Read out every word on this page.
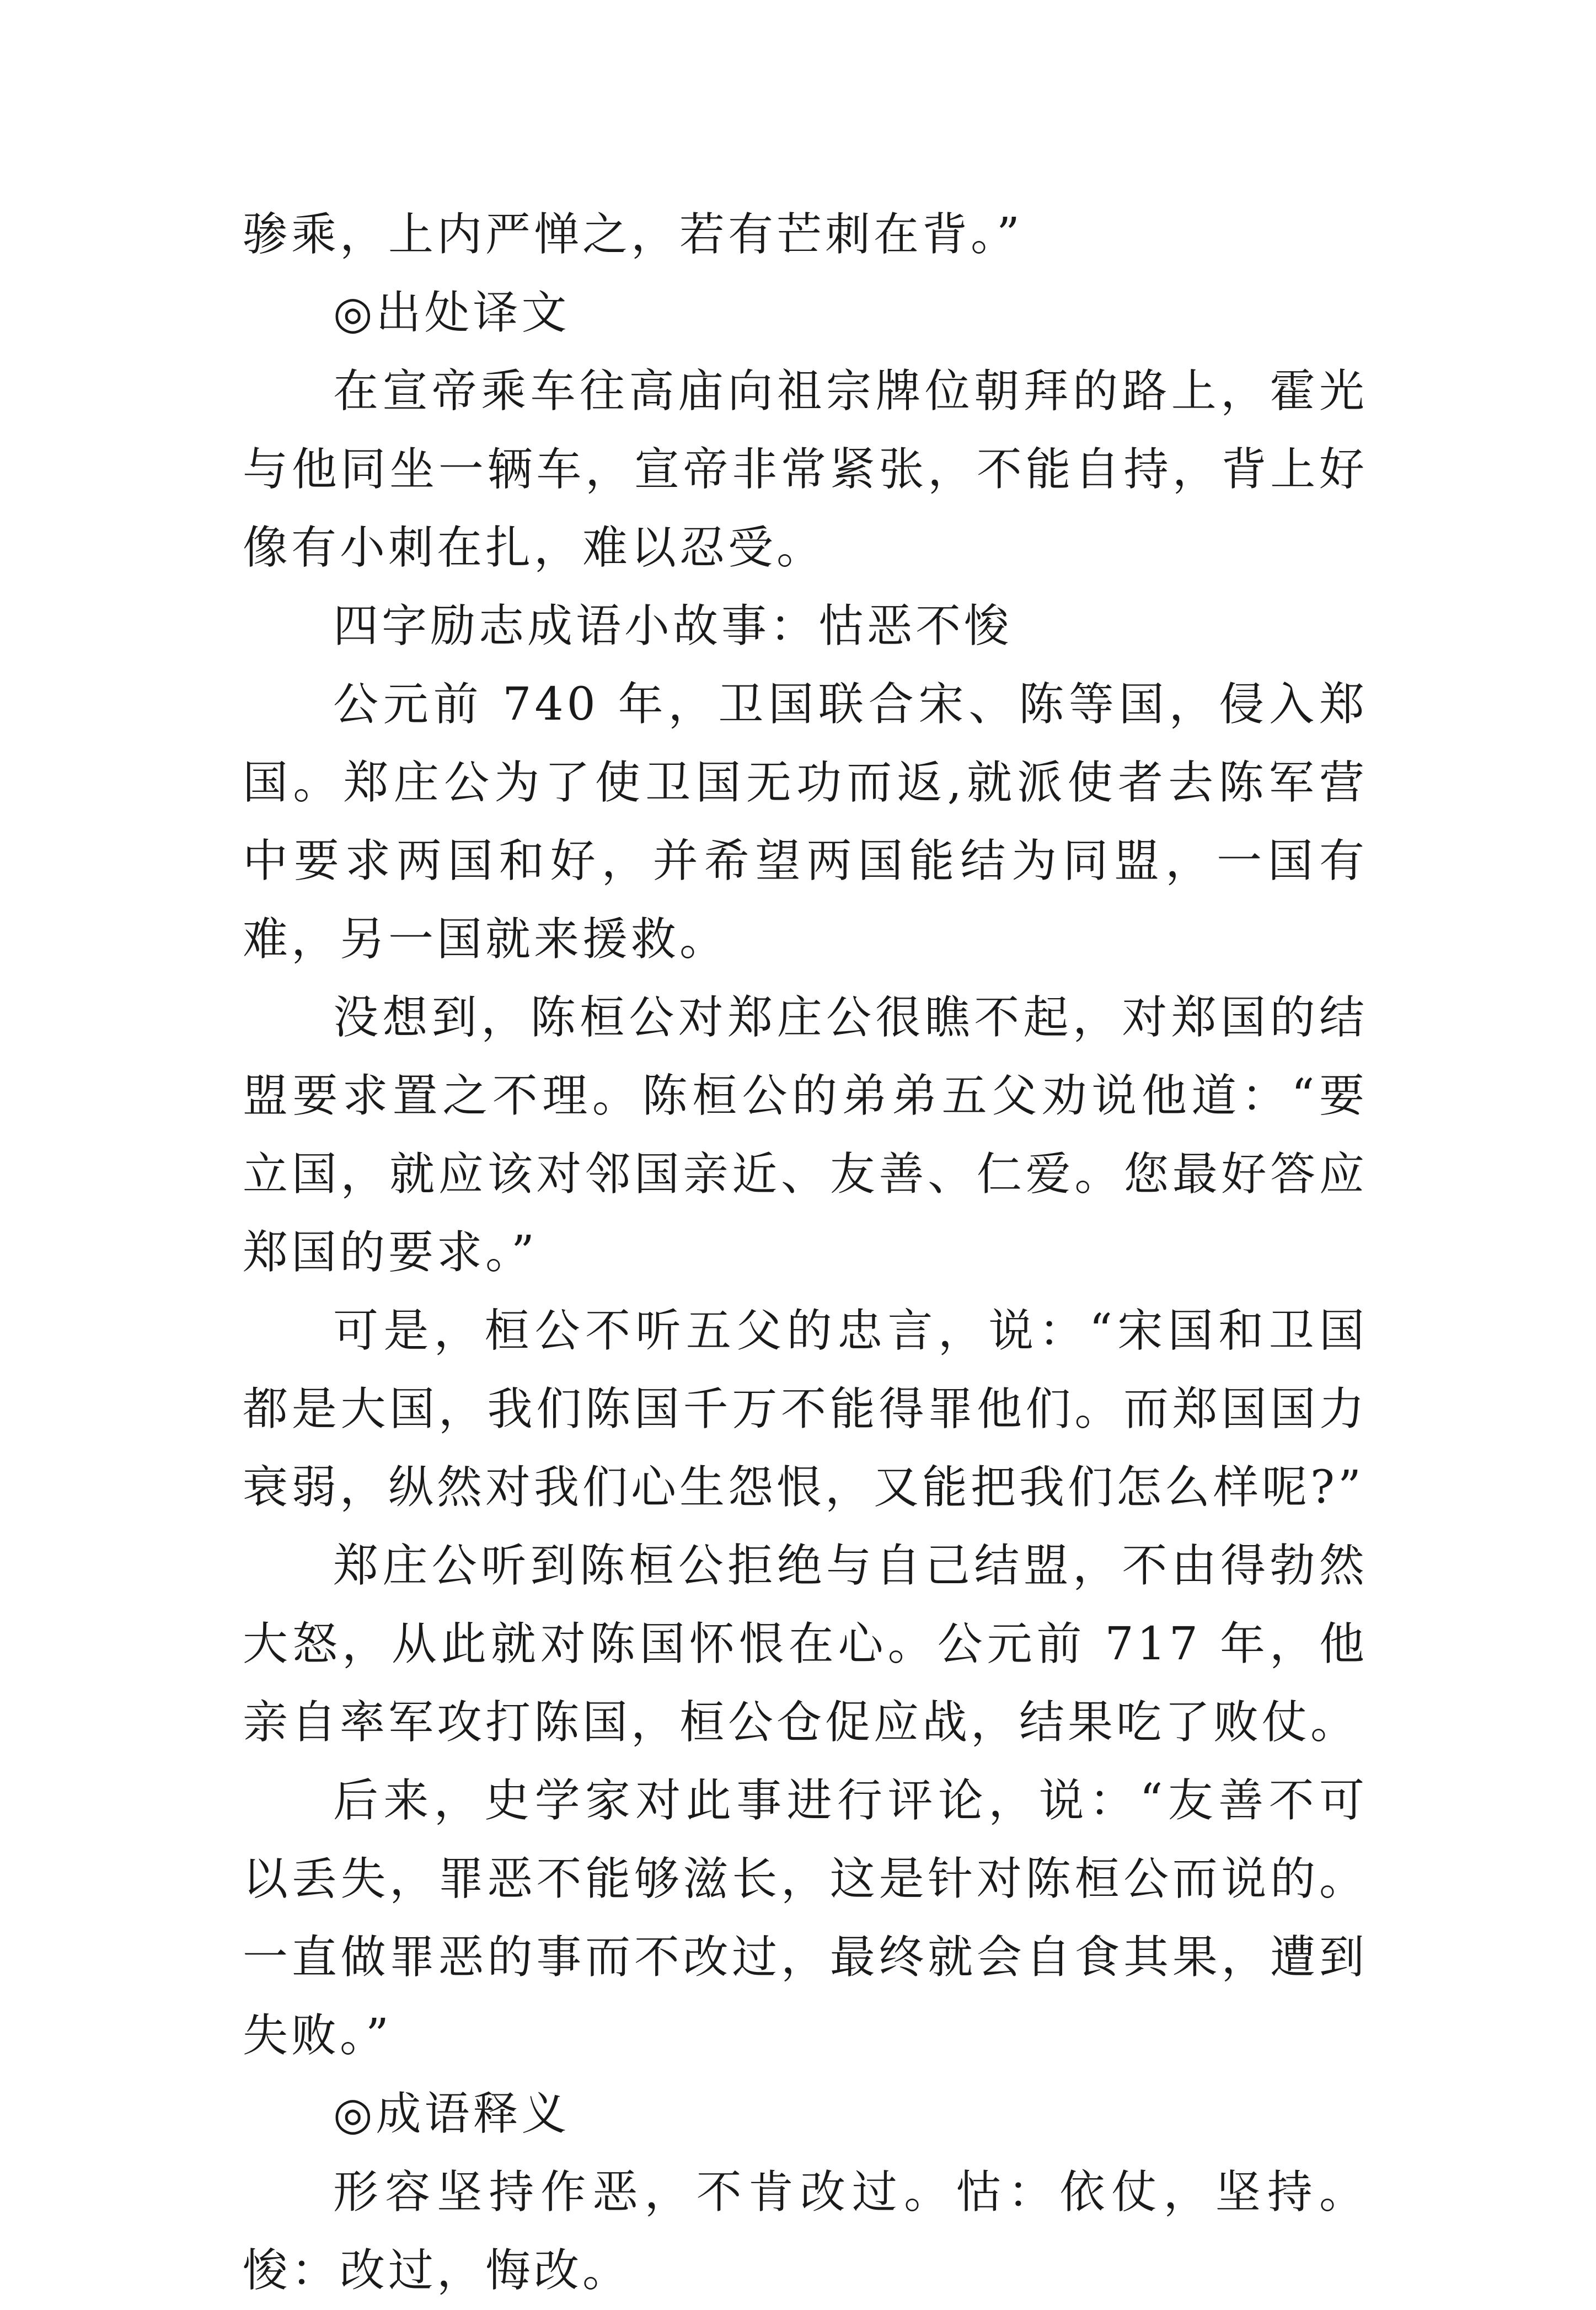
骖乘，上内严惮之，若有芒刺在背。”

◎出处译文

在宣帝乘车往高庙向祖宗牌位朝拜的路上，霍光与他同坐一辆车，宣帝非常紧张，不能自持，背上好像有小刺在扎，难以忍受。

四字励志成语小故事：怙恶不悛

公元前 740 年，卫国联合宋、陈等国，侵入郑国。郑庄公为了使卫国无功而返,就派使者去陈军营中要求两国和好，并希望两国能结为同盟，一国有难，另一国就来援救。

没想到，陈桓公对郑庄公很瞧不起，对郑国的结盟要求置之不理。陈桓公的弟弟五父劝说他道：“要立国，就应该对邻国亲近、友善、仁爱。您最好答应郑国的要求。”

可是，桓公不听五父的忠言，说：“宋国和卫国都是大国，我们陈国千万不能得罪他们。而郑国国力衰弱，纵然对我们心生怨恨，又能把我们怎么样呢?”

郑庄公听到陈桓公拒绝与自己结盟，不由得勃然大怒，从此就对陈国怀恨在心。公元前 717 年，他亲自率军攻打陈国，桓公仓促应战，结果吃了败仗。

后来，史学家对此事进行评论，说：“友善不可以丢失，罪恶不能够滋长，这是针对陈桓公而说的。一直做罪恶的事而不改过，最终就会自食其果，遭到失败。”

◎成语释义

形容坚持作恶，不肯改过。怙：依仗，坚持。悛：改过，悔改。
